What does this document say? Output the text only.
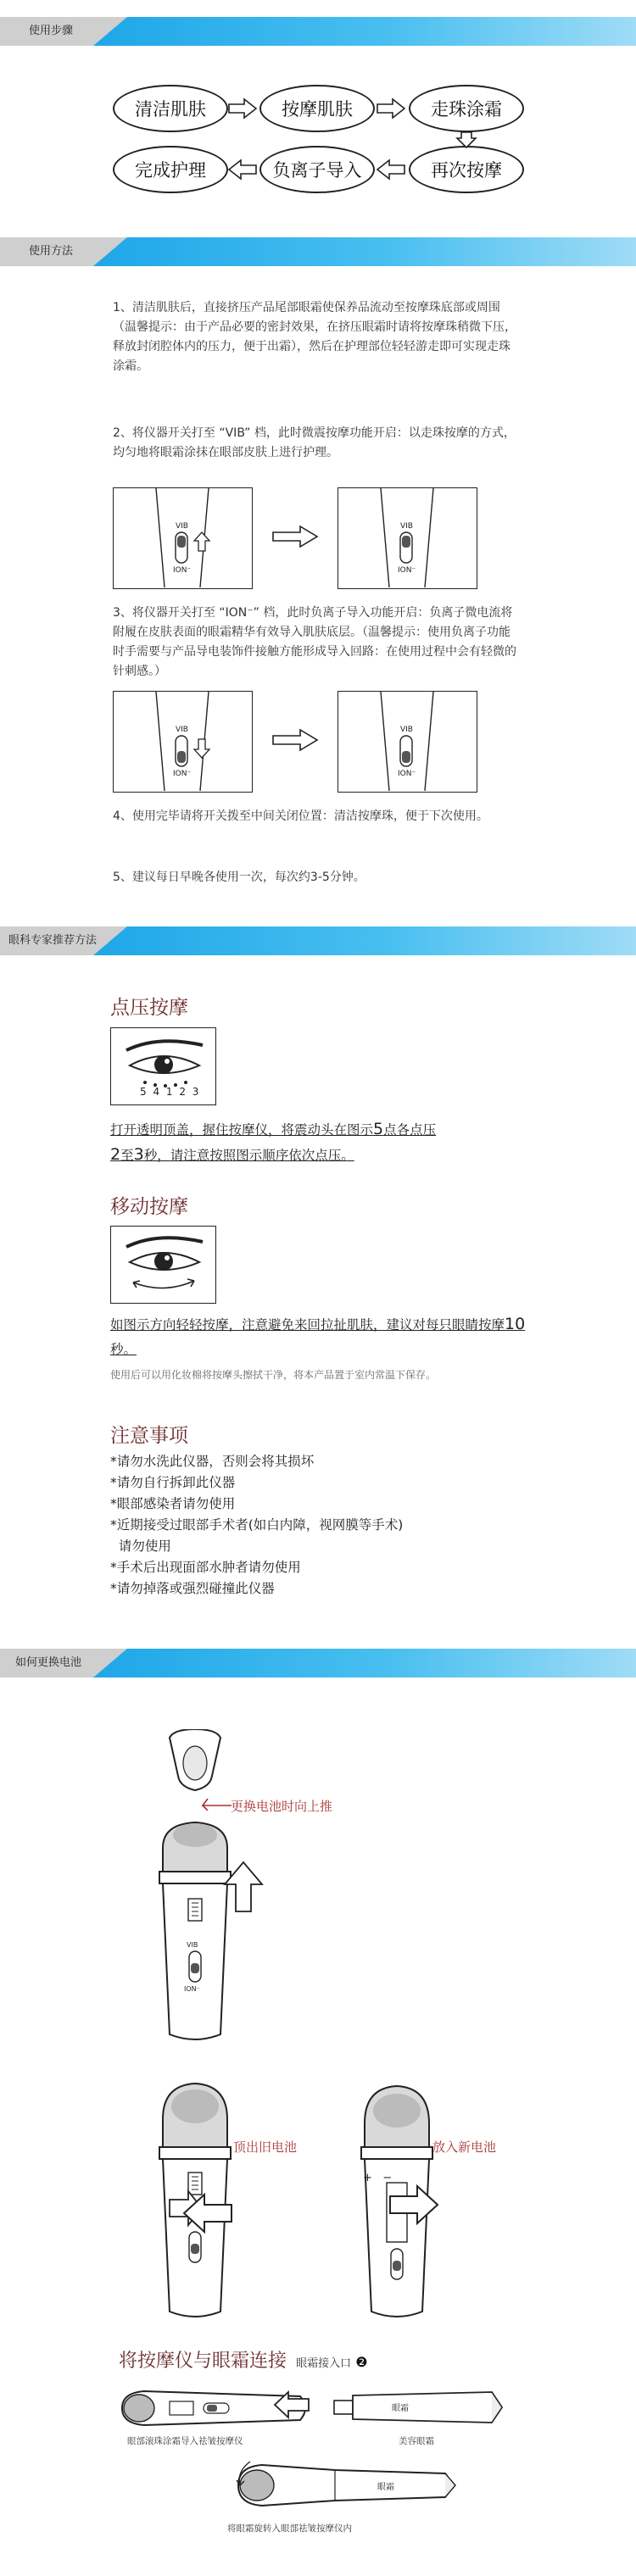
使用步骤
清洁肌肤	按摩肌肤	走珠涂霜
再次按摩
负离子导入
完成护理
使用方法
1、清洁肌肤后，直接挤压产品尾部眼霜使保养品流动至按摩珠底部或周围（温馨提示：由于产品必要的密封效果，在挤压眼霜时请将按摩珠稍微下压，释放封闭腔体内的压力，便于出霜），然后在护理部位轻轻游走即可实现走珠涂霜。
2、将仪器开关打至 “VIB” 档，此时微震按摩功能开启：以走珠按摩的方式，均匀地将眼霜涂抹在眼部皮肤上进行护理。
VIB
ION⁻
VIB
ION⁻
3、将仪器开关打至 “ION⁻” 档，此时负离子导入功能开启：负离子微电流将附履在皮肤表面的眼霜精华有效导入肌肤底层。（温馨提示：使用负离子功能时手需要与产品导电装饰件接触方能形成导入回路：在使用过程中会有轻微的针刺感。）
VIB
ION⁻
VIB
ION⁻
4、使用完毕请将开关拨至中间关闭位置：清洁按摩珠，便于下次使用。
5、建议每日早晚各使用一次，每次约3-5分钟。
眼科专家推荐方法
点压按摩
5 4 1 2 3
打开透明顶盖，握住按摩仪，将震动头在图示5点各点压
2至3秒，请注意按照图示顺序依次点压。
移动按摩
如图示方向轻轻按摩，注意避免来回拉扯肌肤，建议对每只眼睛按摩10秒。
使用后可以用化妆棉将按摩头擦拭干净，将本产品置于室内常温下保存。
注意事项
*请勿水洗此仪器，否则会将其损坏
*请勿自行拆卸此仪器
*眼部感染者请勿使用
*近期接受过眼部手术者(如白内障，视网膜等手术)
请勿使用
*手术后出现面部水肿者请勿使用
*请勿掉落或强烈碰撞此仪器
如何更换电池
VIB
ION⁻
更换电池时向上推
顶出旧电池
+   −
放入新电池
将按摩仪与眼霜连接 眼霜接入口 ❷
眼霜
眼部滚珠涂霜导入祛皱按摩仪	美容眼霜
眼霜
将眼霜旋转入眼部祛皱按摩仪内
